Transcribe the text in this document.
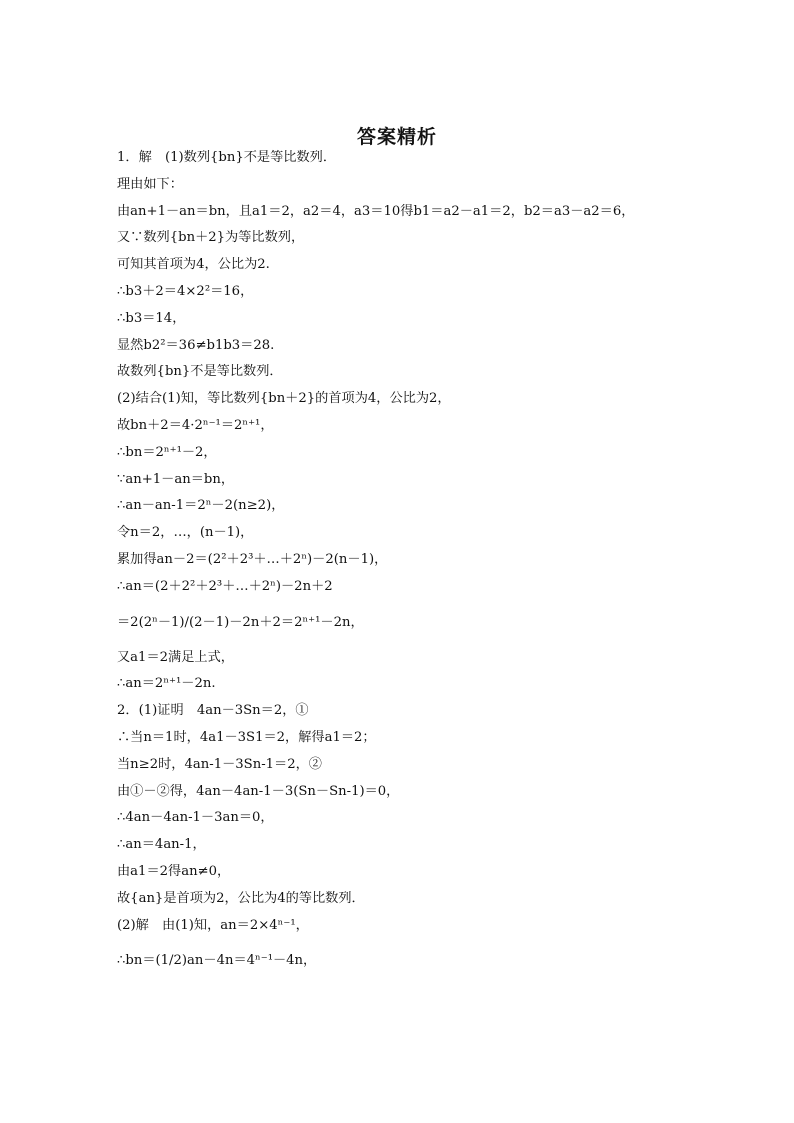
答案精析
1．解　(1)数列{bn}不是等比数列．
理由如下：
由an+1－an＝bn，且a1＝2，a2＝4，a3＝10得b1＝a2－a1＝2，b2＝a3－a2＝6，
又∵数列{bn＋2}为等比数列，
可知其首项为4，公比为2.
∴b3＋2＝4×2²＝16，
∴b3＝14，
显然b2²＝36≠b1b3＝28.
故数列{bn}不是等比数列．
(2)结合(1)知，等比数列{bn＋2}的首项为4，公比为2，
故bn＋2＝4·2ⁿ⁻¹＝2ⁿ⁺¹，
∴bn＝2ⁿ⁺¹－2，
∵an+1－an＝bn，
∴an－an-1＝2ⁿ－2(n≥2)，
令n＝2，…，(n－1)，
累加得an－2＝(2²＋2³＋…＋2ⁿ)－2(n－1)，
∴an＝(2＋2²＋2³＋…＋2ⁿ)－2n＋2
＝2(2ⁿ－1)/(2－1)－2n＋2＝2ⁿ⁺¹－2n，
又a1＝2满足上式，
∴an＝2ⁿ⁺¹－2n.
2．(1)证明　4an－3Sn＝2，①
∴当n＝1时，4a1－3S1＝2，解得a1＝2；
当n≥2时，4an-1－3Sn-1＝2，②
由①－②得，4an－4an-1－3(Sn－Sn-1)＝0，
∴4an－4an-1－3an＝0，
∴an＝4an-1，
由a1＝2得an≠0，
故{an}是首项为2，公比为4的等比数列．
(2)解　由(1)知，an＝2×4ⁿ⁻¹，
∴bn＝(1/2)an－4n＝4ⁿ⁻¹－4n，
